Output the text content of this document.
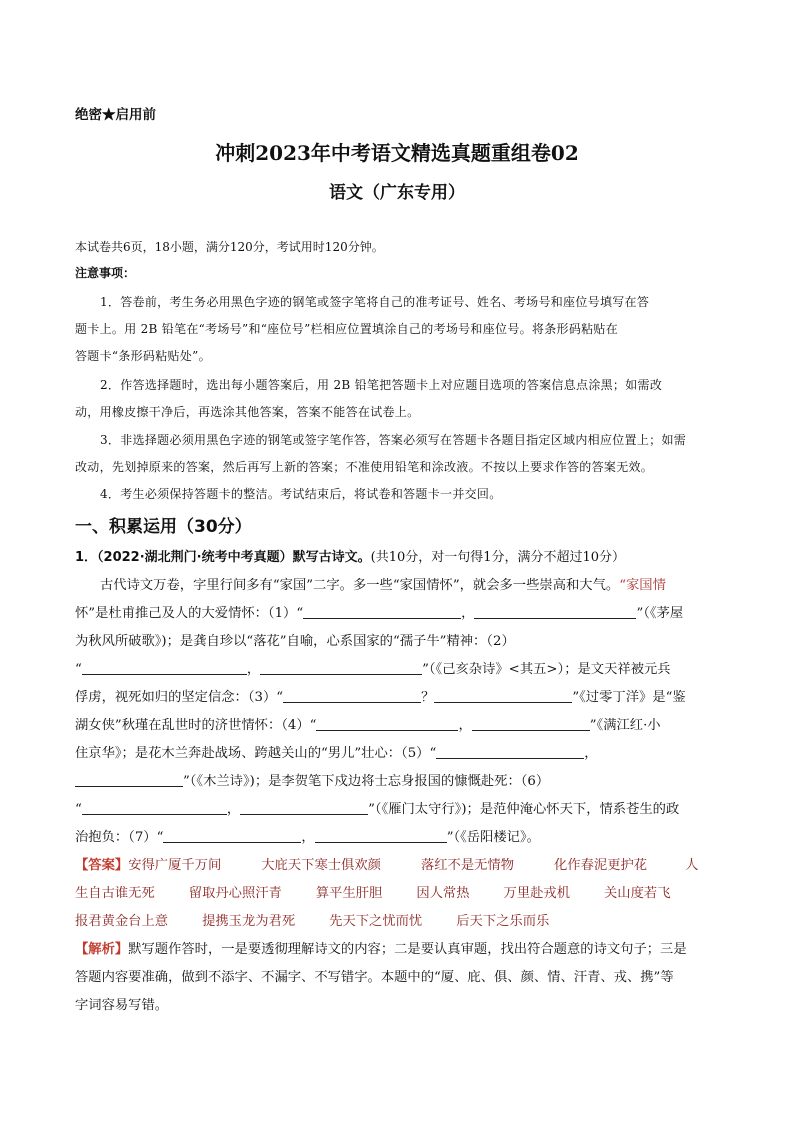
绝密★启用前
冲刺2023年中考语文精选真题重组卷02
语文（广东专用）
本试卷共6页，18小题，满分120分，考试用时120分钟。
注意事项：
1．答卷前，考生务必用黑色字迹的钢笔或签字笔将自己的准考证号、姓名、考场号和座位号填写在答
题卡上。用 2B 铅笔在“考场号”和“座位号”栏相应位置填涂自己的考场号和座位号。将条形码粘贴在
答题卡“条形码粘贴处”。
2．作答选择题时，选出每小题答案后，用 2B 铅笔把答题卡上对应题目选项的答案信息点涂黑；如需改
动，用橡皮擦干净后，再选涂其他答案，答案不能答在试卷上。
3．非选择题必须用黑色字迹的钢笔或签字笔作答，答案必须写在答题卡各题目指定区域内相应位置上；如需
改动，先划掉原来的答案，然后再写上新的答案；不准使用铅笔和涂改液。不按以上要求作答的答案无效。
4．考生必须保持答题卡的整洁。考试结束后，将试卷和答题卡一并交回。
一、积累运用（30分）
1．（2022·湖北荆门·统考中考真题）默写古诗文。(共10分，对一句得1分，满分不超过10分）
古代诗文万卷，字里行间多有“家国”二字。多一些“家国情怀”，就会多一些崇高和大气。“家国情
怀”是杜甫推己及人的大爱情怀：（1）“	，	”（《茅屋
为秋风所破歌》)；是龚自珍以“落花”自喻，心系国家的“孺子牛”精神：（2）
“	，	”（《己亥杂诗》<其五>）；是文天祥被元兵
俘虏，视死如归的坚定信念：（3）“	？	”《过零丁洋》是“鉴
湖女侠”秋瑾在乱世时的济世情怀：（4）“	，	”《满江红·小
住京华》；是花木兰奔赴战场、跨越关山的“男儿”壮心：（5）“	，
”（《木兰诗》)；是李贺笔下戍边将士忘身报国的慷慨赴死：（6）
“	，	”（《雁门太守行》)；是范仲淹心怀天下，情系苍生的政
治抱负：（7）“	，	”（《岳阳楼记》。
【答案】安得广厦千万间	大庇天下寒士俱欢颜	落红不是无情物	化作春泥更护花	人
生自古谁无死	留取丹心照汗青	算平生肝胆	因人常热	万里赴戎机	关山度若飞
报君黄金台上意	提携玉龙为君死	先天下之忧而忧	后天下之乐而乐
【解析】默写题作答时，一是要透彻理解诗文的内容；二是要认真审题，找出符合题意的诗文句子；三是
答题内容要准确，做到不添字、不漏字、不写错字。本题中的“厦、庇、俱、颜、情、汗青、戎、携”等
字词容易写错。
